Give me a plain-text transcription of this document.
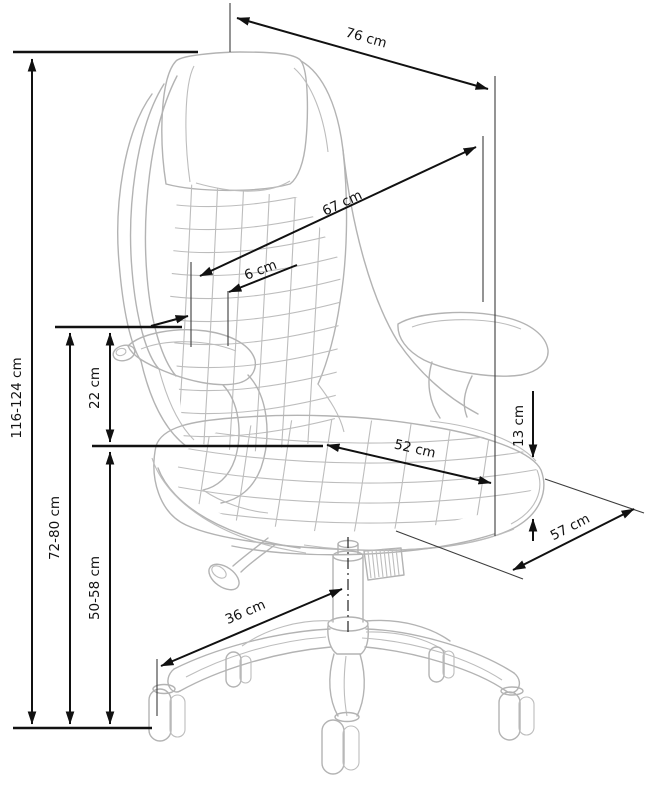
76 cm
67 cm
6 cm
116-124 cm	22 cm
72-80 cm
50-58 cm
52 cm
13 cm
57 cm
36 cm
